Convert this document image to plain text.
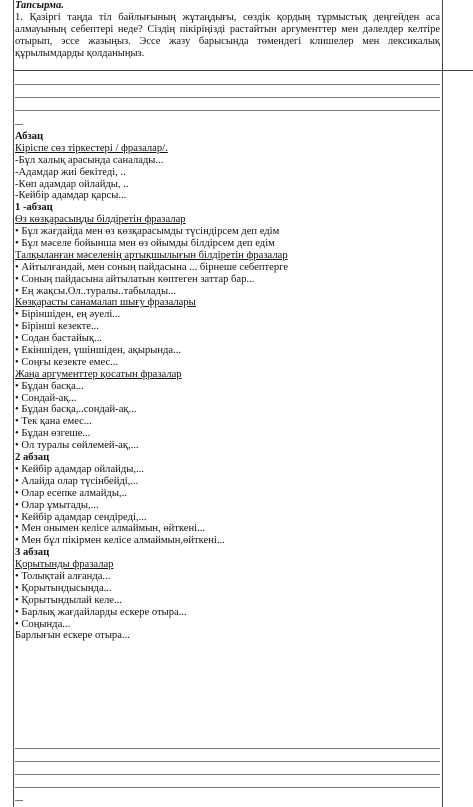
Тапсырма.
1. Қазіргі таңда тіл байлығының жұтаңдығы, сөздік қордың тұрмыстық деңгейден аса алмауының себептері неде? Сіздің пікіріңізді растайтын аргументтер мен дәлелдер келтіре отырып, эссе жазыңыз. Эссе жазу барысында төмендегі клишелер мен лексикалық құрылымдарды қолданыңыз.
Абзац
Кіріспе сөз тіркестері / фразалар/.
-Бұл халық арасында саналады...
-Адамдар жиі бекітеді, ..
-Көп адамдар ойлайды, ..
-Кейбір адамдар қарсы...
1 -абзац
Өз көзқарасыңды білдіретін фразалар
• Бұл жағдайда мен өз көзқарасымды түсіндірсем деп едім
• Бұл мәселе бойынша мен өз ойымды білдірсем деп едім
Талқыланған мәселенің артықшылығын білдіретін фразалар
• Айтылғандай, мен соның пайдасына ... бірнеше себептерге
• Соның пайдасына айтылатын көптеген заттар бар...
• Ең жақсы.Ол..туралы..табылады...
Көзқарасты санамалап шығу фразалары
• Біріншіден, ең әуелі...
• Бірінші кезекте...
• Содан бастайық...
• Екіншіден, үшіншіден, ақырында...
• Соңғы кезекте емес...
Жаңа аргументтер қосатын фразалар
• Бұдан басқа...
• Сондай-ақ...
• Бұдан басқа,..сондай-ақ...
• Тек қана емес...
• Бұдан өзгеше...
• Ол туралы сөйлемей-ақ,...
2 абзац
• Кейбір адамдар ойлайды,...
• Алайда олар түсінбейді,...
• Олар есепке алмайды,..
• Олар ұмытады,...
• Кейбір адамдар сендіреді,...
• Мен онымен келісе алмаймын, өйткені...
• Мен бұл пікірмен келісе алмаймын,өйткені...
3 абзац
Қорытынды фразалар
• Толықтай алғанда...
• Қорытындысында...
• Қорытындылай келе...
• Барлық жағдайларды ескере отыра...
• Соңында...
Барлығын ескере отыра...
